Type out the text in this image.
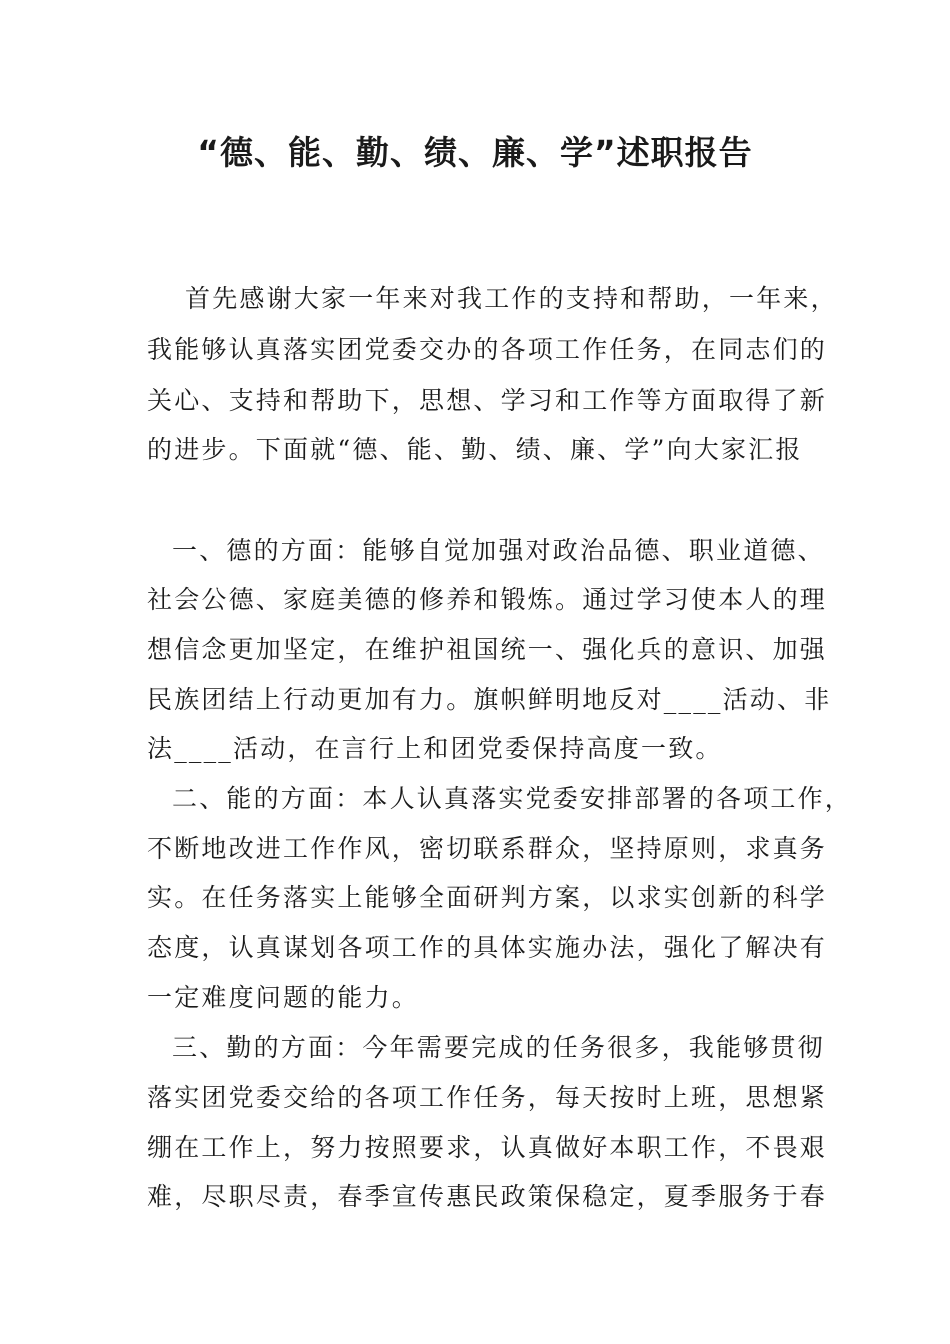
“德、能、勤、绩、廉、学”述职报告

首先感谢大家一年来对我工作的支持和帮助，一年来，

我能够认真落实团党委交办的各项工作任务，在同志们的

关心、支持和帮助下，思想、学习和工作等方面取得了新

的进步。下面就“德、能、勤、绩、廉、学”向大家汇报

一、德的方面：能够自觉加强对政治品德、职业道德、

社会公德、家庭美德的修养和锻炼。通过学习使本人的理

想信念更加坚定，在维护祖国统一、强化兵的意识、加强

民族团结上行动更加有力。旗帜鲜明地反对____活动、非

法____活动，在言行上和团党委保持高度一致。

二、能的方面：本人认真落实党委安排部署的各项工作，

不断地改进工作作风，密切联系群众，坚持原则，求真务

实。在任务落实上能够全面研判方案，以求实创新的科学

态度，认真谋划各项工作的具体实施办法，强化了解决有

一定难度问题的能力。

三、勤的方面：今年需要完成的任务很多，我能够贯彻

落实团党委交给的各项工作任务，每天按时上班，思想紧

绷在工作上，努力按照要求，认真做好本职工作，不畏艰

难，尽职尽责，春季宣传惠民政策保稳定，夏季服务于春
